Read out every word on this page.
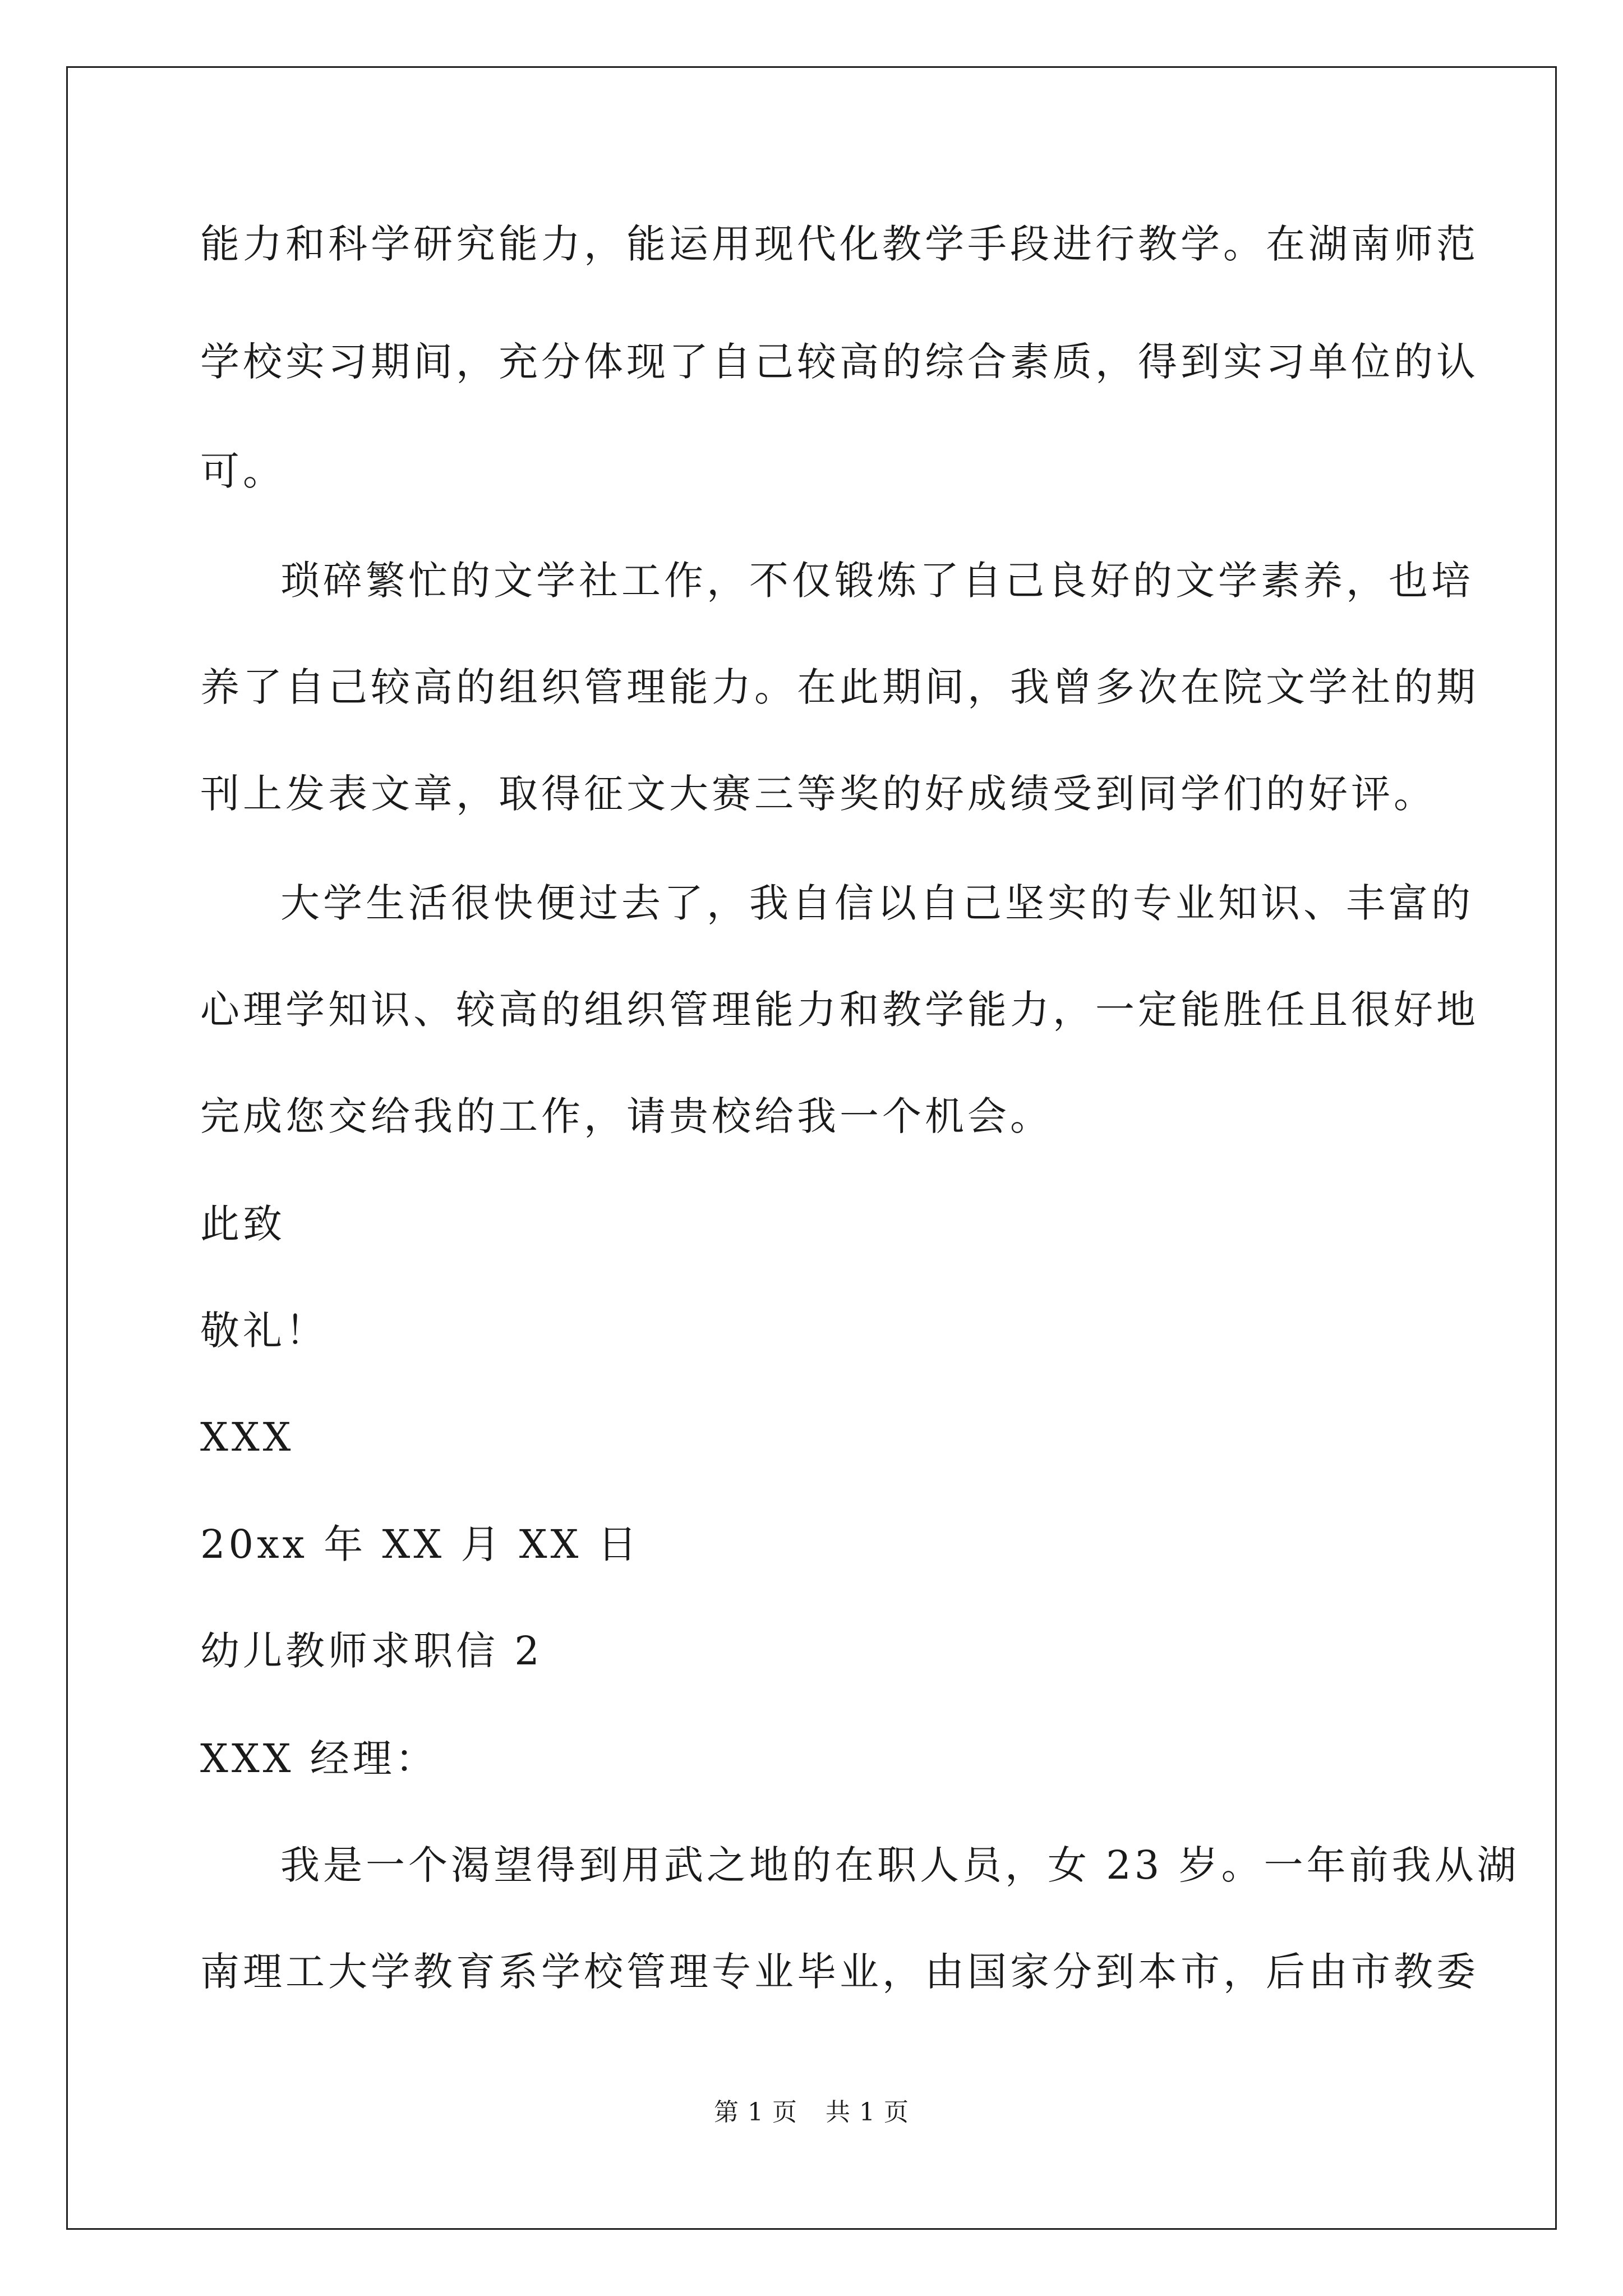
能力和科学研究能力，能运用现代化教学手段进行教学。在湖南师范
学校实习期间，充分体现了自己较高的综合素质，得到实习单位的认
可。
琐碎繁忙的文学社工作，不仅锻炼了自己良好的文学素养，也培
养了自己较高的组织管理能力。在此期间，我曾多次在院文学社的期
刊上发表文章，取得征文大赛三等奖的好成绩受到同学们的好评。
大学生活很快便过去了，我自信以自己坚实的专业知识、丰富的
心理学知识、较高的组织管理能力和教学能力，一定能胜任且很好地
完成您交给我的工作，请贵校给我一个机会。
此致
敬礼！
XXX
20xx 年 XX 月 XX 日
幼儿教师求职信 2
XXX 经理：
我是一个渴望得到用武之地的在职人员，女 23 岁。一年前我从湖
南理工大学教育系学校管理专业毕业，由国家分到本市，后由市教委
第 1 页 共 1 页
